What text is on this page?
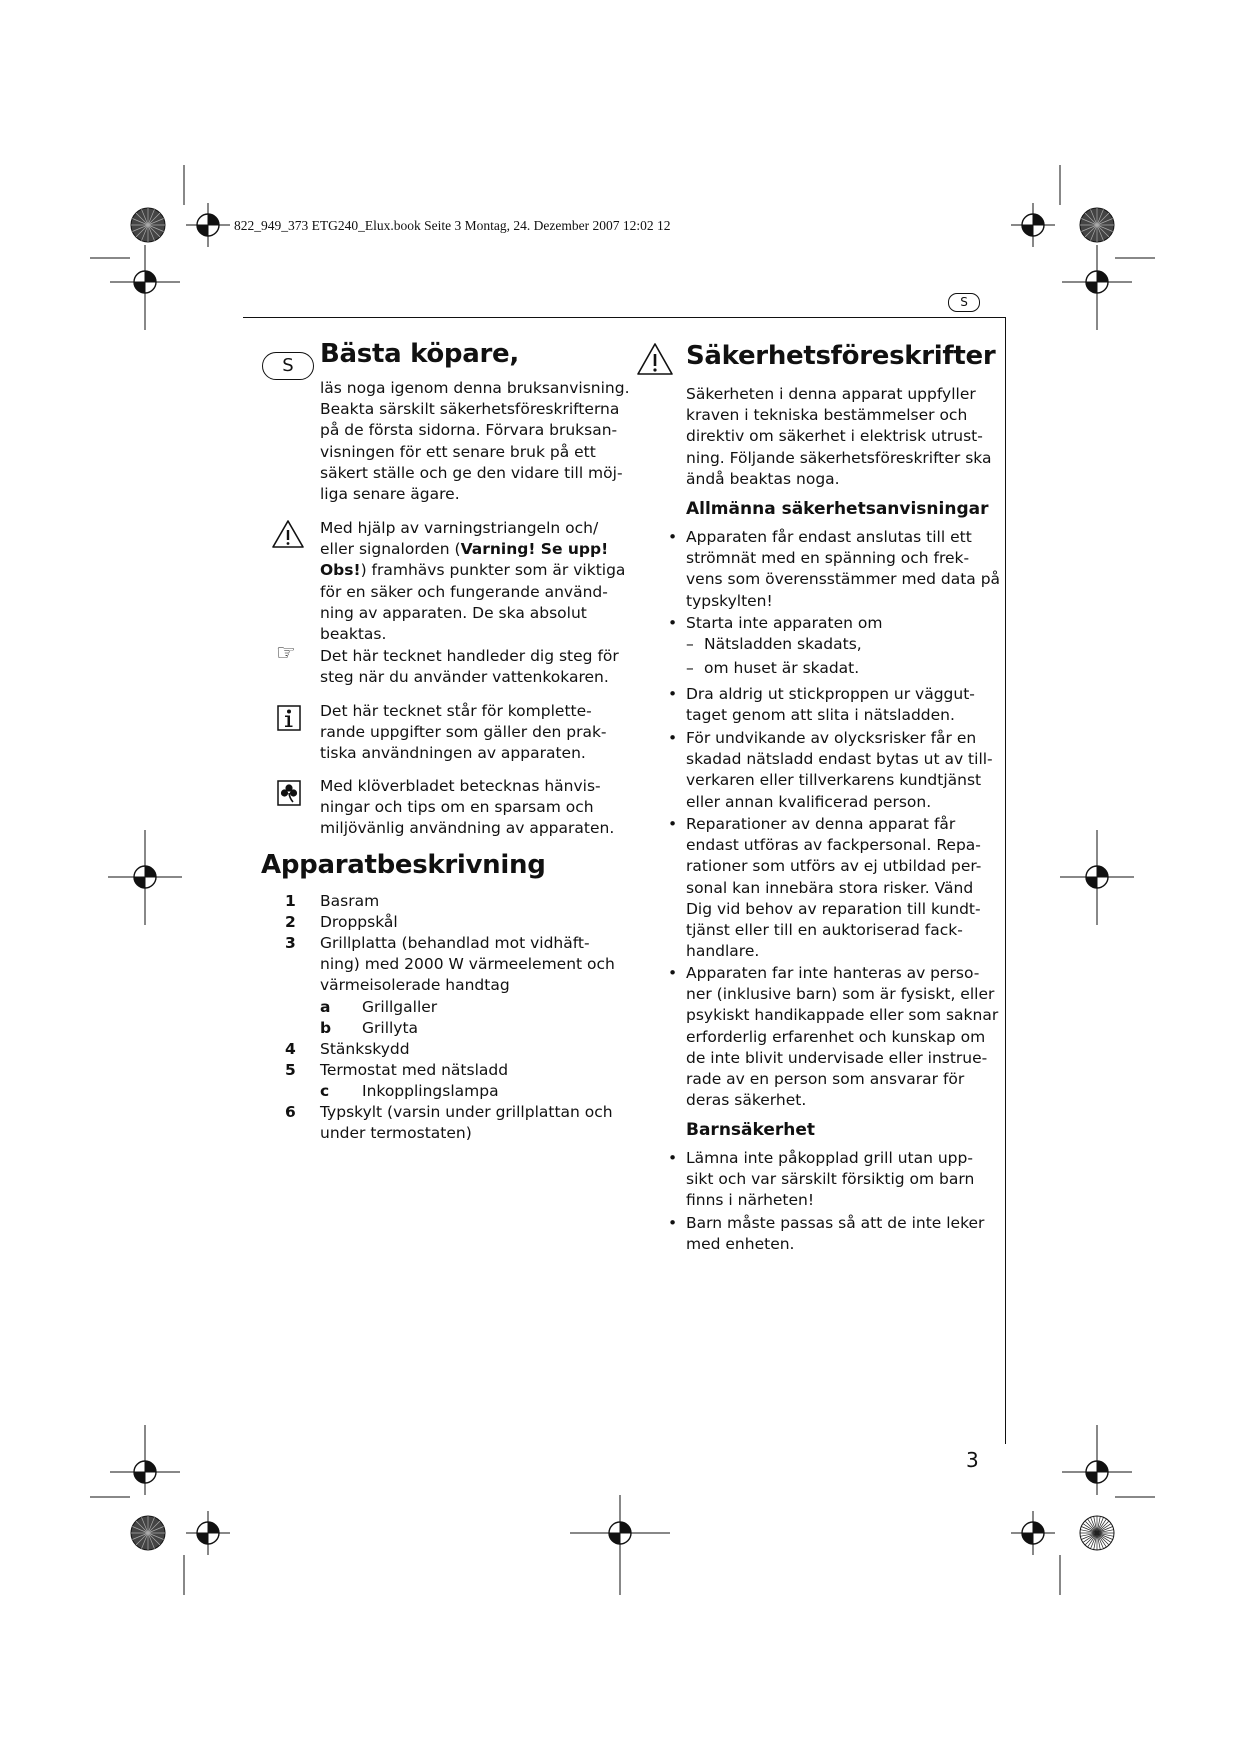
822_949_373 ETG240_Elux.book Seite 3 Montag, 24. Dezember 2007 12:02 12
S
S	Bästa köpare,
läs noga igenom denna bruksanvisning.
Beakta särskilt säkerhetsföreskrifterna
på de första sidorna. Förvara bruksan-
visningen för ett senare bruk på ett
säkert ställe och ge den vidare till möj-
liga senare ägare.
Med hjälp av varningstriangeln och/
eller signalorden (Varning! Se upp!
Obs!) framhävs punkter som är viktiga
för en säker och fungerande använd-
ning av apparaten. De ska absolut
beaktas.
☞ Det här tecknet handleder dig steg för
steg när du använder vattenkokaren.
Det här tecknet står för komplette-
rande uppgifter som gäller den prak-
tiska användningen av apparaten.
Med klöverbladet betecknas hänvis-
ningar och tips om en sparsam och
miljövänlig användning av apparaten.
Apparatbeskrivning
1 Basram
2 Droppskål
3 Grillplatta (behandlad mot vidhäft-
ning) med 2000 W värmeelement och
värmeisolerade handtag
a Grillgaller
b Grillyta
4 Stänkskydd
5 Termostat med nätsladd
c Inkopplingslampa
6 Typskylt (varsin under grillplattan och
under termostaten)
Säkerhetsföreskrifter
Säkerheten i denna apparat uppfyller
kraven i tekniska bestämmelser och
direktiv om säkerhet i elektrisk utrust-
ning. Följande säkerhetsföreskrifter ska
ändå beaktas noga.
Allmänna säkerhetsanvisningar
• Apparaten får endast anslutas till ett
strömnät med en spänning och frek-
vens som överensstämmer med data på
typskylten!
• Starta inte apparaten om
– Nätsladden skadats,
– om huset är skadat.
• Dra aldrig ut stickproppen ur väggut-
taget genom att slita i nätsladden.
• För undvikande av olycksrisker får en
skadad nätsladd endast bytas ut av till-
verkaren eller tillverkarens kundtjänst
eller annan kvalificerad person.
• Reparationer av denna apparat får
endast utföras av fackpersonal. Repa-
rationer som utförs av ej utbildad per-
sonal kan innebära stora risker. Vänd
Dig vid behov av reparation till kundt-
tjänst eller till en auktoriserad fack-
handlare.
• Apparaten far inte hanteras av perso-
ner (inklusive barn) som är fysiskt, eller
psykiskt handikappade eller som saknar
erforderlig erfarenhet och kunskap om
de inte blivit undervisade eller instrue-
rade av en person som ansvarar för
deras säkerhet.
Barnsäkerhet
• Lämna inte påkopplad grill utan upp-
sikt och var särskilt försiktig om barn
finns i närheten!
• Barn måste passas så att de inte leker
med enheten.
3
